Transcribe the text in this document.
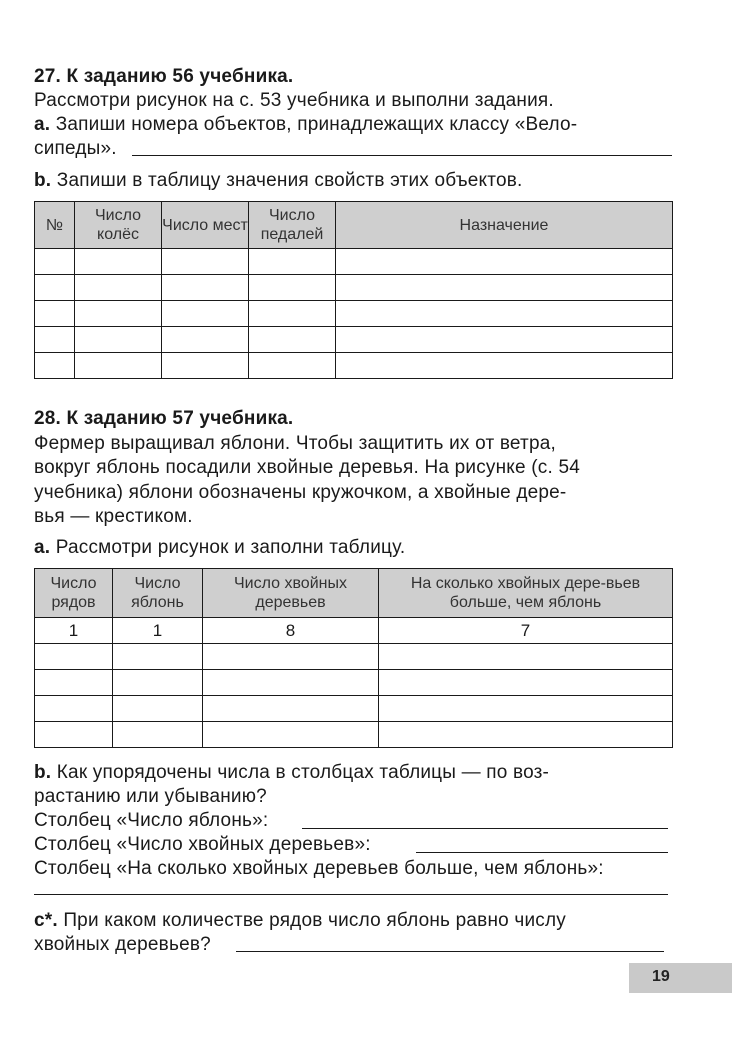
27. К заданию 56 учебника.
Рассмотри рисунок на с. 53 учебника и выполни задания.
a. Запиши номера объектов, принадлежащих классу «Вело-
сипеды».
b. Запиши в таблицу значения свойств этих объектов.
№	Число колёс	Число мест	Число педалей	Назначение

28. К заданию 57 учебника.
Фермер выращивал яблони. Чтобы защитить их от ветра,
вокруг яблонь посадили хвойные деревья. На рисунке (с. 54
учебника) яблони обозначены кружочком, а хвойные дере-
вья — крестиком.
a. Рассмотри рисунок и заполни таблицу.
Число рядов	Число яблонь	Число хвойных деревьев	На сколько хвойных дере-вьев больше, чем яблонь
1	1	8	7

b. Как упорядочены числа в столбцах таблицы — по воз-
растанию или убыванию?
Столбец «Число яблонь»:
Столбец «Число хвойных деревьев»:
Столбец «На сколько хвойных деревьев больше, чем яблонь»:
c*. При каком количестве рядов число яблонь равно числу
хвойных деревьев?
19
